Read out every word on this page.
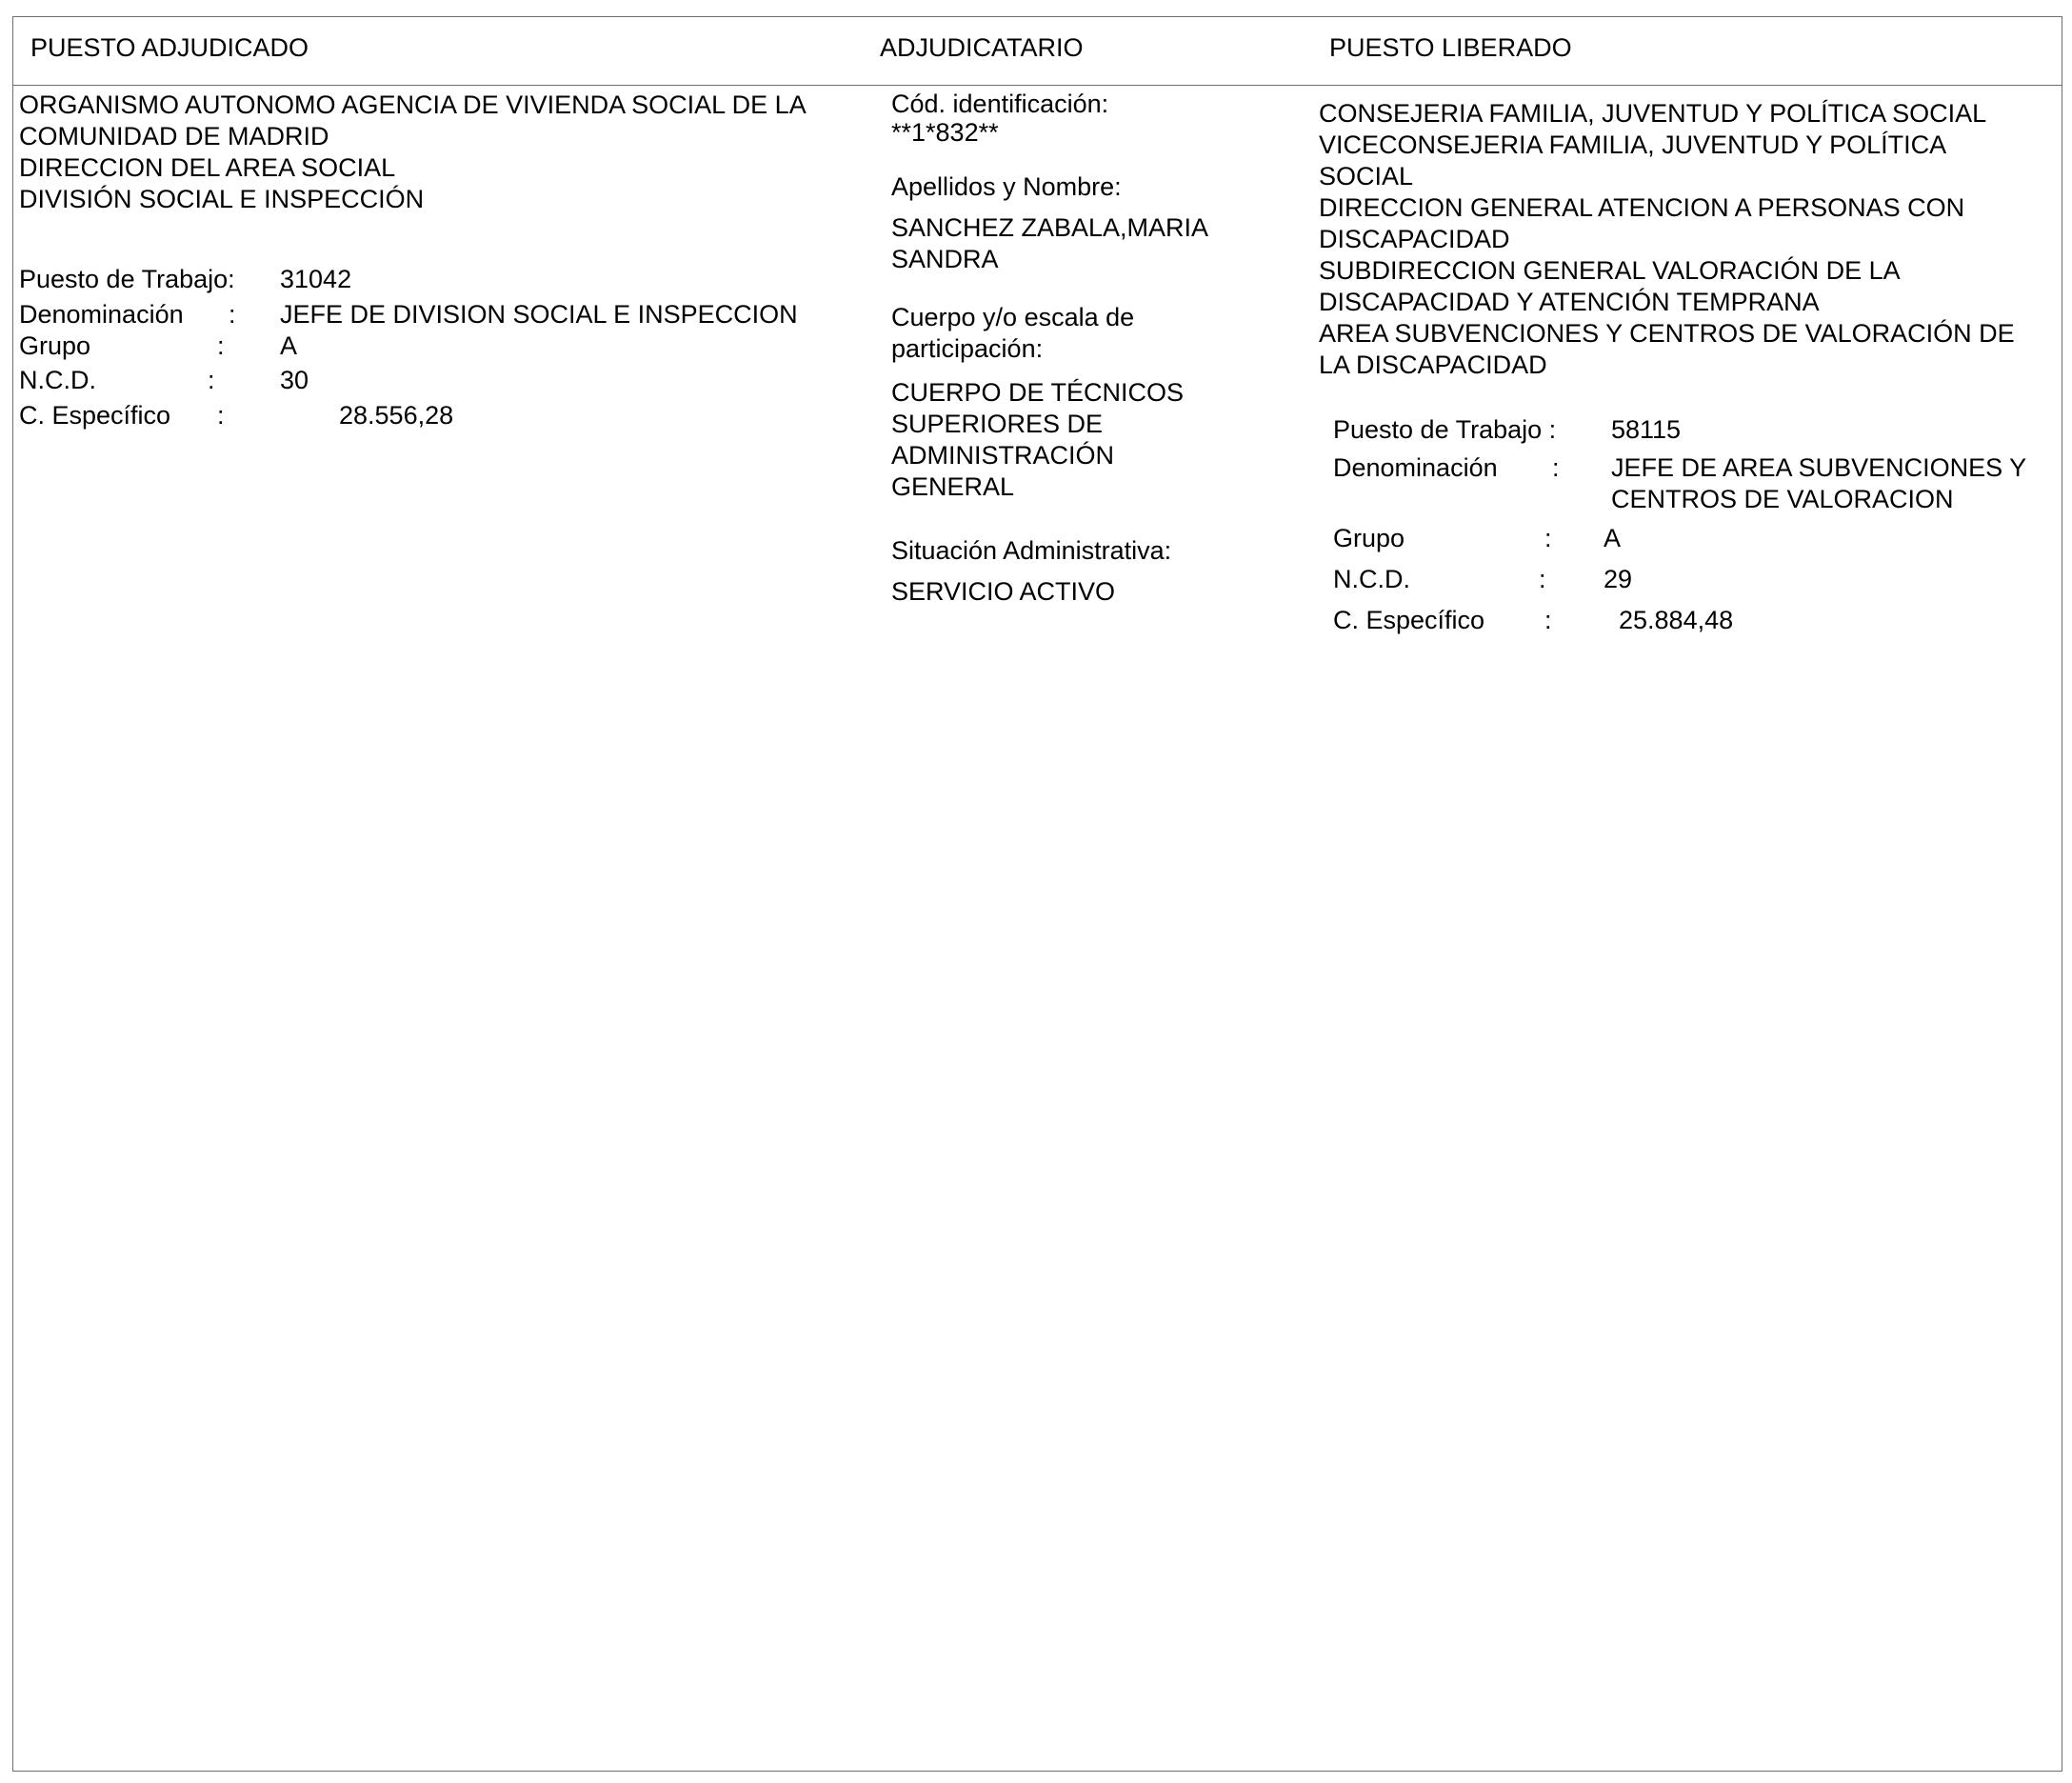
PUESTO ADJUDICADO	ADJUDICATARIO	PUESTO LIBERADO
ORGANISMO AUTONOMO AGENCIA DE VIVIENDA SOCIAL DE LA
COMUNIDAD DE MADRID
DIRECCION DEL AREA SOCIAL
DIVISIÓN SOCIAL E INSPECCIÓN
Puesto de Trabajo: 31042
Denominación : JEFE DE DIVISION SOCIAL E INSPECCION
Grupo	: A
N.C.D.	:	30
C. Específico :	28.556,28
Cód. identificación:
**1*832**
Apellidos y Nombre:
SANCHEZ ZABALA,MARIA
SANDRA
Cuerpo y/o escala de
participación:
CUERPO DE TÉCNICOS
SUPERIORES DE
ADMINISTRACIÓN
GENERAL
Situación Administrativa:
SERVICIO ACTIVO
CONSEJERIA FAMILIA, JUVENTUD Y POLÍTICA SOCIAL
VICECONSEJERIA FAMILIA, JUVENTUD Y POLÍTICA
SOCIAL
DIRECCION GENERAL ATENCION A PERSONAS CON
DISCAPACIDAD
SUBDIRECCION GENERAL VALORACIÓN DE LA
DISCAPACIDAD Y ATENCIÓN TEMPRANA
AREA SUBVENCIONES Y CENTROS DE VALORACIÓN DE
LA DISCAPACIDAD
Puesto de Trabajo : 58115
Denominación : JEFE DE AREA SUBVENCIONES Y
CENTROS DE VALORACION
Grupo	: A
N.C.D.	: 29
C. Específico :	25.884,48
